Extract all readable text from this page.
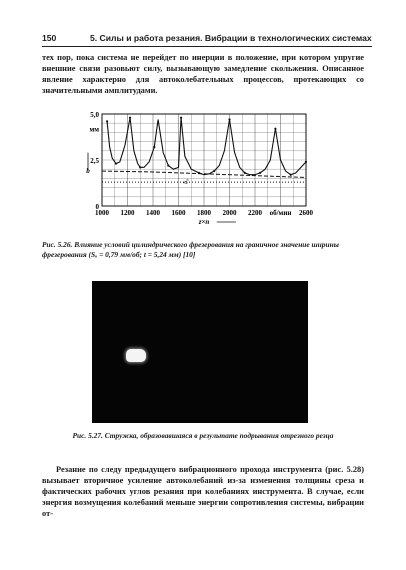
150	5. Силы и работа резания. Вибрации в технологических системах
тех пор, пока система не перейдет по инерции в положение, при котором упругие внешние связи разовьют силу, вызывающую замедление скольжения. Описанное явление характерно для автоколебательных процессов, протекающих со значительными амплитудами.
5,0
мм
2,5
0
b
1000 1200 1400 1600 1800 2000 2200 об/мин 2600
z×n
b₀
Рис. 5.26. Влияние условий цилиндрического фрезерования на граничное значение ширины фрезерования (Sₒ = 0,79 мм/об; t = 5,24 мм) [10]
Рис. 5.27. Стружка, образовавшаяся в результате подрывания отрезного резца
Резание по следу предыдущего вибрационного прохода инструмента (рис. 5.28) вызывает вторичное усиление автоколебаний из-за изменения толщины среза и фактических рабочих углов резания при колебаниях инструмента. В случае, если энергия возмущения колебаний меньше энергии сопротивления системы, вибрации от-
